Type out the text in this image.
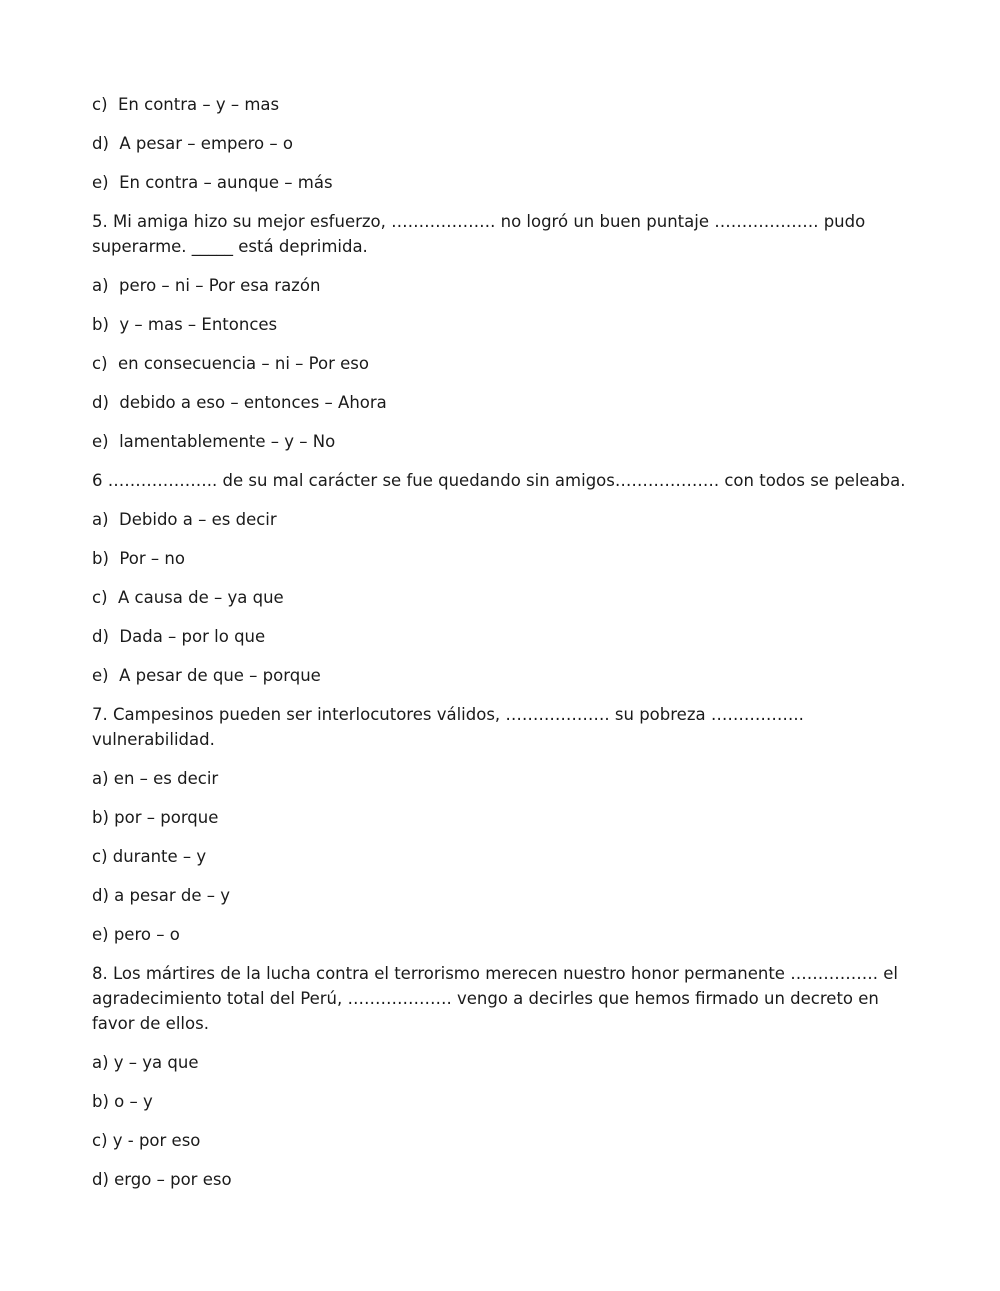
c)  En contra – y – mas
d)  A pesar – empero – o
e)  En contra – aunque – más
5. Mi amiga hizo su mejor esfuerzo, ………………. no logró un buen puntaje ………………. pudo superarme. _____ está deprimida.
a)  pero – ni – Por esa razón
b)  y – mas – Entonces
c)  en consecuencia – ni – Por eso
d)  debido a eso – entonces – Ahora
e)  lamentablemente – y – No
6 ……………….. de su mal carácter se fue quedando sin amigos………………. con todos se peleaba.
a)  Debido a – es decir
b)  Por – no
c)  A causa de – ya que
d)  Dada – por lo que
e)  A pesar de que – porque
7. Campesinos pueden ser interlocutores válidos, ………………. su pobreza …………….. vulnerabilidad.
a) en – es decir
b) por – porque
c) durante – y
d) a pesar de – y
e) pero – o
8. Los mártires de la lucha contra el terrorismo merecen nuestro honor permanente ……………. el agradecimiento total del Perú, ………………. vengo a decirles que hemos firmado un decreto en favor de ellos.
a) y – ya que
b) o – y
c) y - por eso
d) ergo – por eso
